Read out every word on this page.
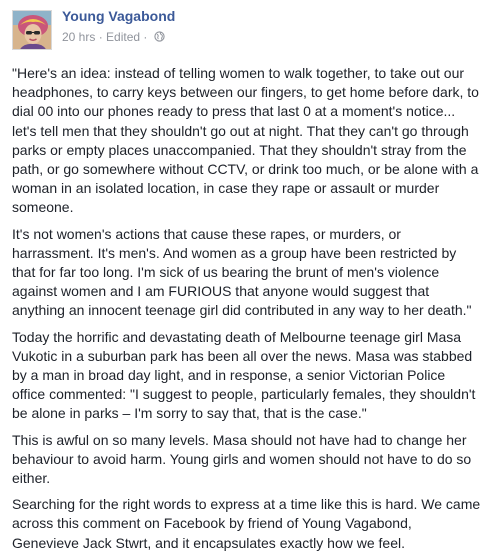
Young Vagabond
20 hrs · Edited ·

"Here's an idea: instead of telling women to walk together, to take out our headphones, to carry keys between our fingers, to get home before dark, to dial 00 into our phones ready to press that last 0 at a moment's notice... let's tell men that they shouldn't go out at night. That they can't go through parks or empty places unaccompanied. That they shouldn't stray from the path, or go somewhere without CCTV, or drink too much, or be alone with a woman in an isolated location, in case they rape or assault or murder someone.

It's not women's actions that cause these rapes, or murders, or harrassment. It's men's. And women as a group have been restricted by that for far too long. I'm sick of us bearing the brunt of men's violence against women and I am FURIOUS that anyone would suggest that anything an innocent teenage girl did contributed in any way to her death."

Today the horrific and devastating death of Melbourne teenage girl Masa Vukotic in a suburban park has been all over the news. Masa was stabbed by a man in broad day light, and in response, a senior Victorian Police office commented: "I suggest to people, particularly females, they shouldn't be alone in parks – I'm sorry to say that, that is the case."

This is awful on so many levels. Masa should not have had to change her behaviour to avoid harm. Young girls and women should not have to do so either.

Searching for the right words to express at a time like this is hard. We came across this comment on Facebook by friend of Young Vagabond, Genevieve Jack Stwrt, and it encapsulates exactly how we feel.
